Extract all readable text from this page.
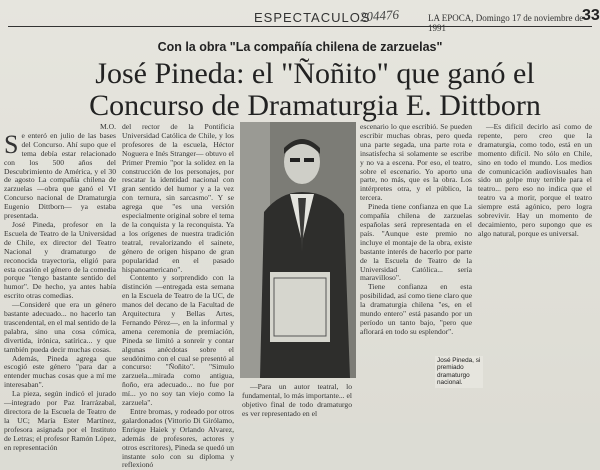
ESPECTACULOS
204476	LA EPOCA, Domingo 17 de noviembre de 1991
33
Con la obra "La compañía chilena de zarzuelas"
José Pineda: el "Ñoñito" que ganó el Concurso de Dramaturgia E. Dittborn

M.O.

S e enteró en julio de las bases del Concurso. Ahí supo que el tema debía estar relacionado con los 500 años del Descubrimiento de América, y el 30 de agosto La compañía chilena de zarzuelas —obra que ganó el VI Concurso nacional de Dramaturgia Eugenio Dittborn— ya estaba presentada.

José Pineda, profesor en la Escuela de Teatro de la Universidad de Chile, ex director del Teatro Nacional y dramaturgo de reconocida trayectoria, eligió para esta ocasión el género de la comedia porque "tengo bastante sentido del humor". De hecho, ya antes había escrito otras comedias.

—Consideré que era un género bastante adecuado... no hacerlo tan trascendental, en el mal sentido de la palabra, sino una cosa cómica, divertida, irónica, satírica... y que también pueda decir muchas cosas.

Además, Pineda agrega que escogió este género "para dar a entender muchas cosas que a mí me interesaban".

La pieza, según indicó el jurado —integrado por Paz Irarrázabal, directora de la Escuela de Teatro de la UC; María Ester Martínez, profesora asignada por el Instituto de Letras; el profesor Ramón López, en representación

del rector de la Pontificia Universidad Católica de Chile, y los profesores de la escuela, Héctor Noguera e Inés Stranger— obtuvo el Primer Premio "por la solidez en la construcción de los personajes, por rescatar la identidad nacional con gran sentido del humor y a la vez con ternura, sin sarcasmo". Y se agrega que "es una versión especialmente original sobre el tema de la conquista y la reconquista. Ya a los orígenes de nuestra tradición teatral, revalorizando el sainete, género de origen hispano de gran popularidad en el pasado hispanoamericano".

Contento y sorprendido con la distinción —entregada esta semana en la Escuela de Teatro de la UC, de manos del decano de la Facultad de Arquitectura y Bellas Artes, Fernando Pérez—, en la informal y amena ceremonia de premiación, Pineda se limitó a sonreír y contar algunas anécdotas sobre el seudónimo con el cual se presentó al concurso: "Ñoñito". "Simulo zarzuela...mirada como antigua, ñoño, era adecuado... no fue por mí... yo no soy tan viejo como la zarzuela".

Entre bromas, y rodeado por otros galardonados (Vittorio Di Girólamo, Enrique Haiek y Orlando Alvarez, además de profesores, actores y otros escritores), Pineda se quedó un instante solo con su diploma y reflexionó

—Para un autor teatral, lo fundamental, lo más importante... el objetivo final de todo dramaturgo es ver representado en el

escenario lo que escribió. Se pueden escribir muchas obras, pero queda una parte segada, una parte rota e insatisfecha si solamente se escribe y no va a escena. Por eso, el teatro, sobre el escenario. Yo aporto una parte, no más, que es la obra. Los intérpretes otra, y el público, la tercera.

Pineda tiene confianza en que La compañía chilena de zarzuelas españolas será representada en el país. "Aunque este premio no incluye el montaje de la obra, existe bastante interés de hacerlo por parte de la Escuela de Teatro de la Universidad Católica... sería maravilloso".

Tiene confianza en esta posibilidad, así como tiene claro que la dramaturgia chilena "es, en el mundo entero" está pasando por un período un tanto bajo, "pero que aflorará en todo su esplendor".

José Pineda, si premiado dramaturgo nacional.

—Es difícil decirlo así como de repente, pero creo que la dramaturgia, como todo, está en un momento difícil. No sólo en Chile, sino en todo el mundo. Los medios de comunicación audiovisuales han sido un golpe muy terrible para el teatro... pero eso no indica que el teatro va a morir, porque el teatro siempre está agónico, pero logra sobrevivir. Hay un momento de decaimiento, pero supongo que es algo natural, porque es universal.
